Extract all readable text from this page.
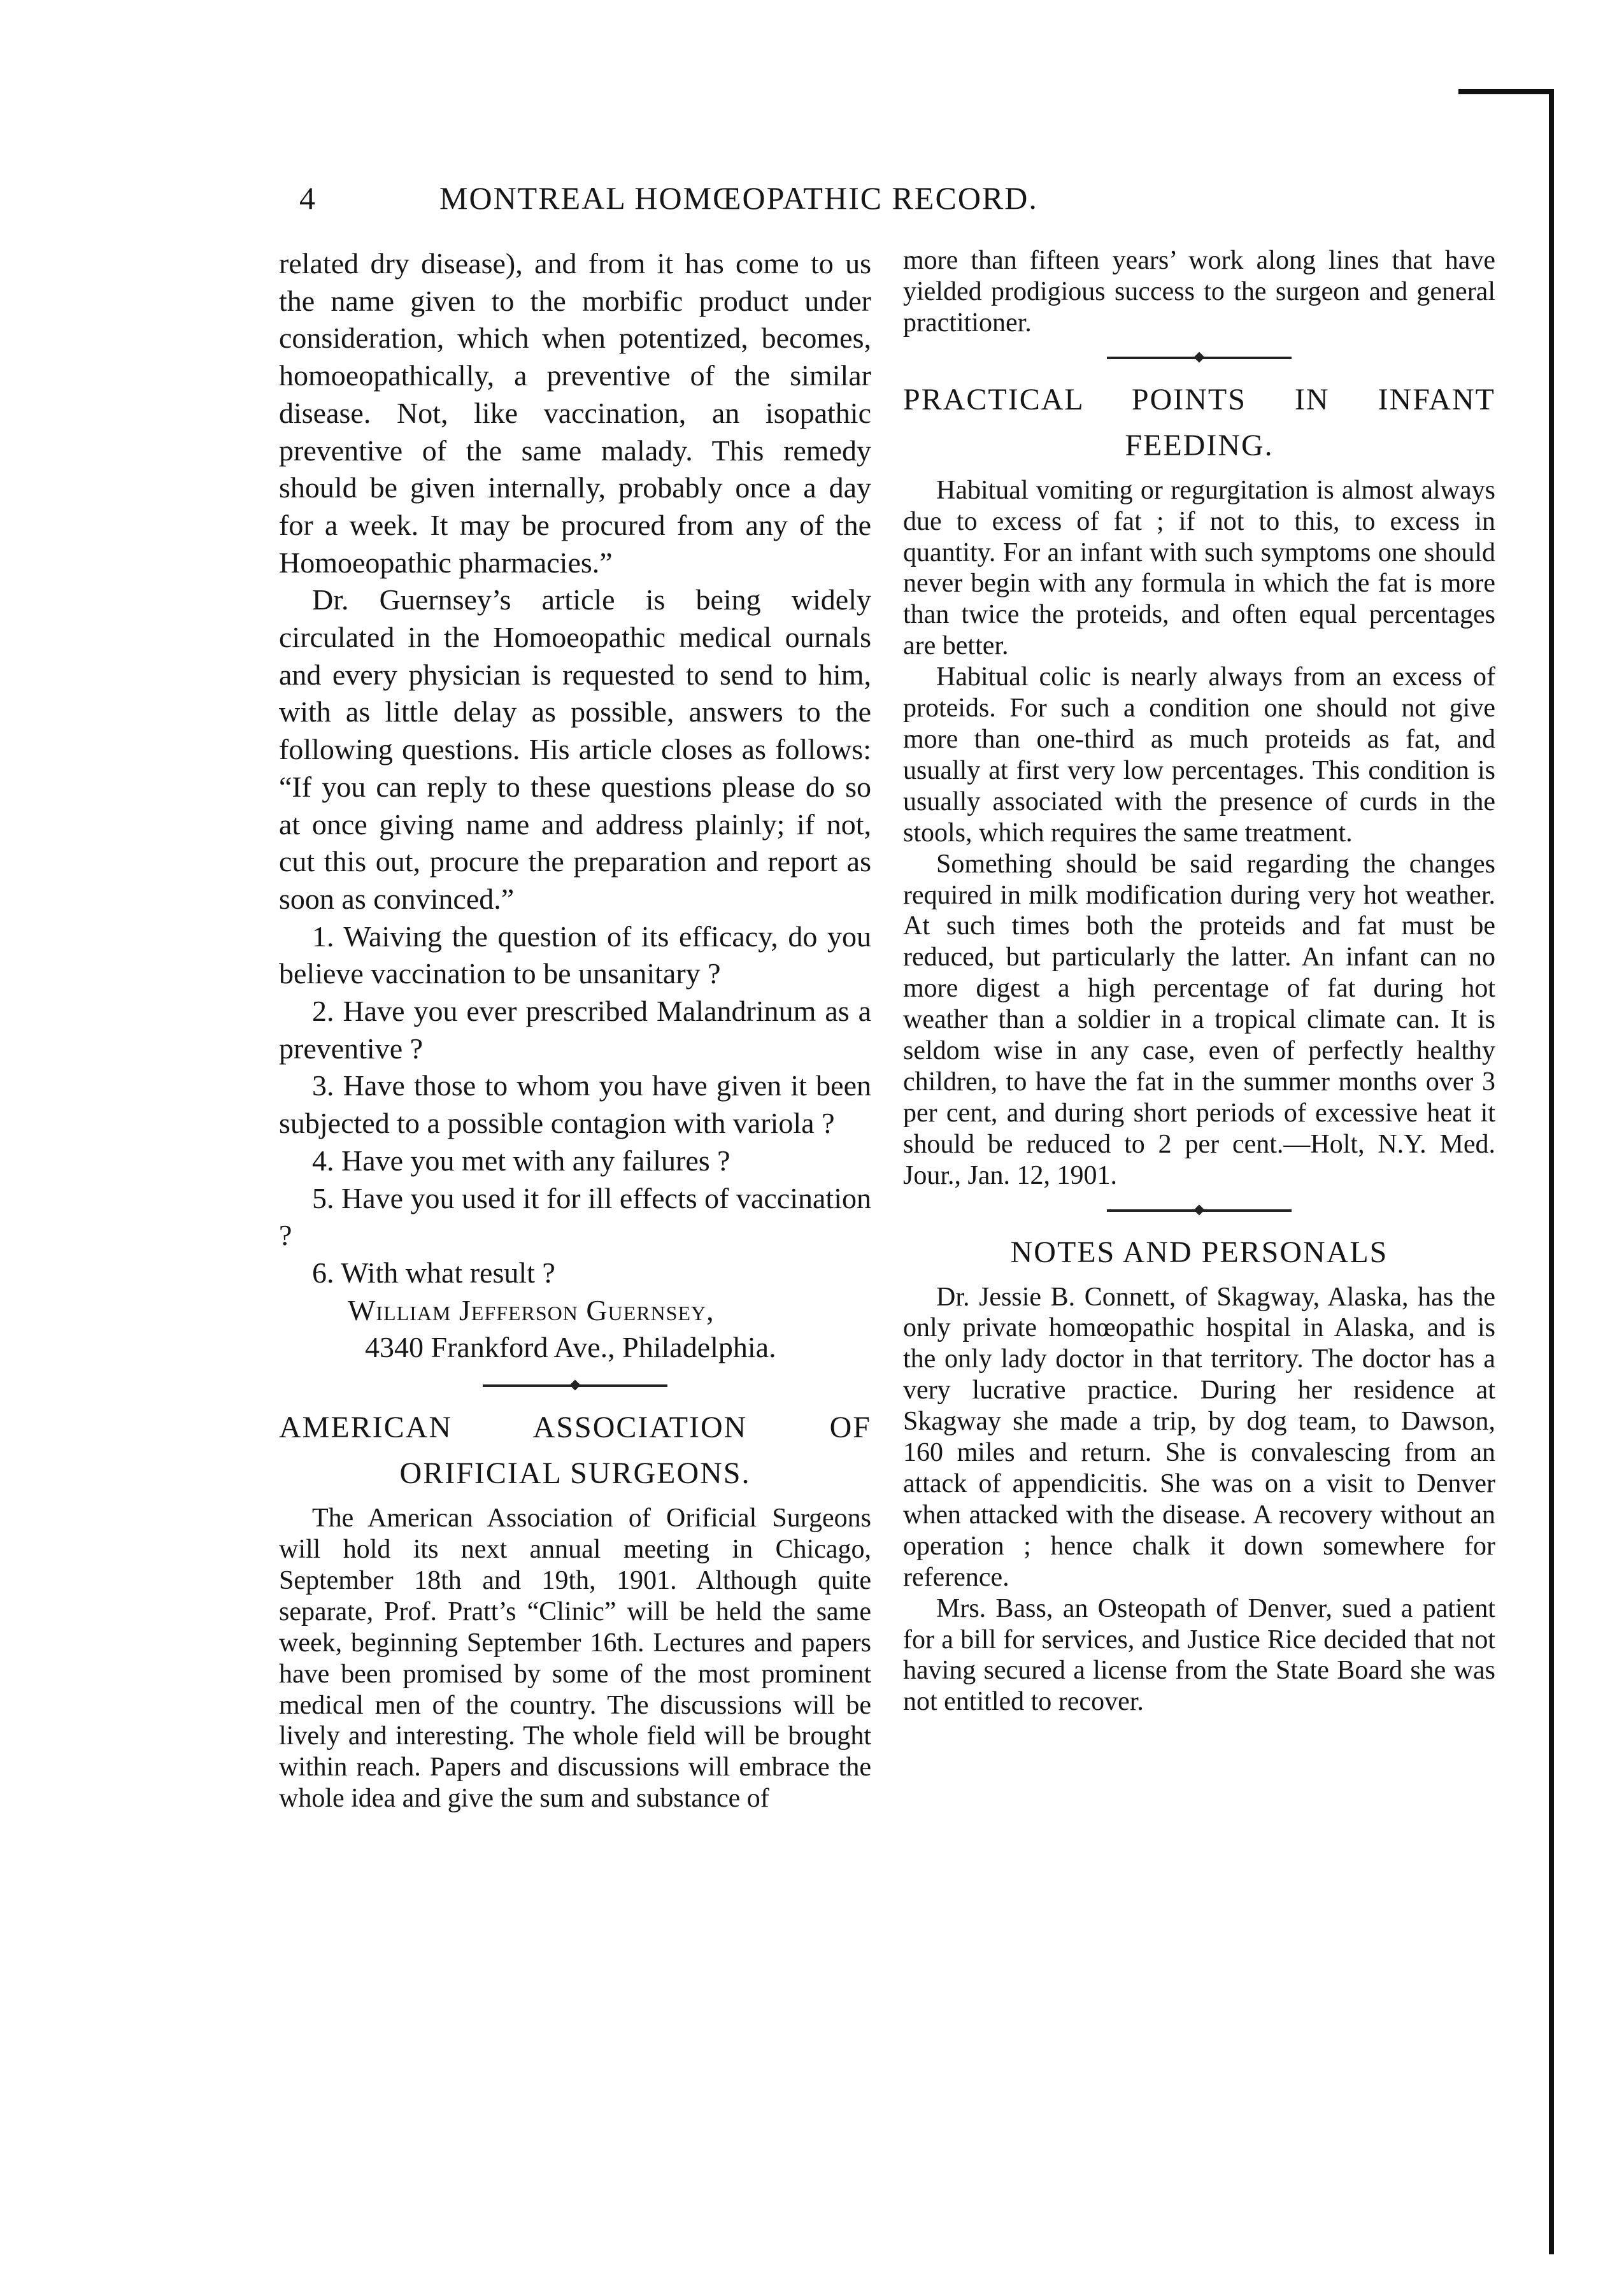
4	MONTREAL HOMŒOPATHIC RECORD.

related dry disease), and from it has come to us the name given to the morbific product under consideration, which when potentized, becomes, homoeopathically, a preventive of the similar disease. Not, like vaccination, an isopathic preventive of the same malady. This remedy should be given internally, probably once a day for a week. It may be procured from any of the Homoeopathic pharmacies.”

Dr. Guernsey’s article is being widely circulated in the Homoeopathic medical ournals and every physician is requested to send to him, with as little delay as possible, answers to the following questions. His article closes as follows: “If you can reply to these questions please do so at once giving name and address plainly; if not, cut this out, procure the preparation and report as soon as convinced.”

1. Waiving the question of its efficacy, do you believe vaccination to be unsanitary ?

2. Have you ever prescribed Malandrinum as a preventive ?

3. Have those to whom you have given it been subjected to a possible contagion with variola ?

4. Have you met with any failures ?

5. Have you used it for ill effects of vaccination ?

6. With what result ?

William Jefferson Guernsey,
4340 Frankford Ave., Philadelphia.

AMERICAN ASSOCIATION OF
ORIFICIAL SURGEONS.

The American Association of Orificial Surgeons will hold its next annual meeting in Chicago, September 18th and 19th, 1901. Although quite separate, Prof. Pratt’s “Clinic” will be held the same week, beginning September 16th. Lectures and papers have been promised by some of the most prominent medical men of the country. The discussions will be lively and interesting. The whole field will be brought within reach. Papers and discussions will embrace the whole idea and give the sum and substance of

more than fifteen years’ work along lines that have yielded prodigious success to the surgeon and general practitioner.

PRACTICAL POINTS IN INFANT
FEEDING.

Habitual vomiting or regurgitation is almost always due to excess of fat ; if not to this, to excess in quantity. For an infant with such symptoms one should never begin with any formula in which the fat is more than twice the proteids, and often equal percentages are better.

Habitual colic is nearly always from an excess of proteids. For such a condition one should not give more than one-third as much proteids as fat, and usually at first very low percentages. This condition is usually associated with the presence of curds in the stools, which requires the same treatment.

Something should be said regarding the changes required in milk modification during very hot weather. At such times both the proteids and fat must be reduced, but particularly the latter. An infant can no more digest a high percentage of fat during hot weather than a soldier in a tropical climate can. It is seldom wise in any case, even of perfectly healthy children, to have the fat in the summer months over 3 per cent, and during short periods of excessive heat it should be reduced to 2 per cent.—Holt, N.Y. Med. Jour., Jan. 12, 1901.

NOTES AND PERSONALS

Dr. Jessie B. Connett, of Skagway, Alaska, has the only private homœopathic hospital in Alaska, and is the only lady doctor in that territory. The doctor has a very lucrative practice. During her residence at Skagway she made a trip, by dog team, to Dawson, 160 miles and return. She is convalescing from an attack of appendicitis. She was on a visit to Denver when attacked with the disease. A recovery without an operation ; hence chalk it down somewhere for reference.

Mrs. Bass, an Osteopath of Denver, sued a patient for a bill for services, and Justice Rice decided that not having secured a license from the State Board she was not entitled to recover.
